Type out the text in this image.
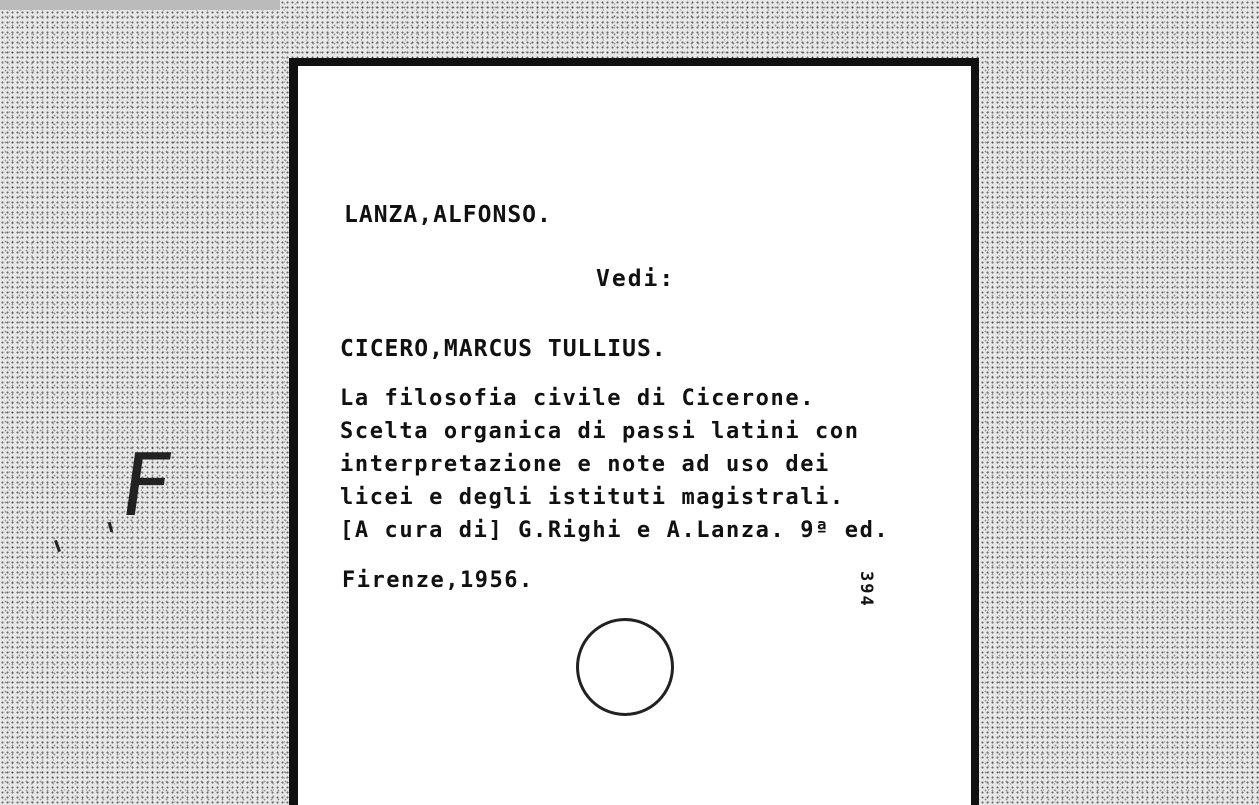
F
LANZA,ALFONSO.
Vedi:
CICERO,MARCUS TULLIUS.
La filosofia civile di Cicerone.
Scelta organica di passi latini con
interpretazione e note ad uso dei
licei e degli istituti magistrali.
[A cura di] G.Righi e A.Lanza. 9ª ed.
Firenze,1956.	394
